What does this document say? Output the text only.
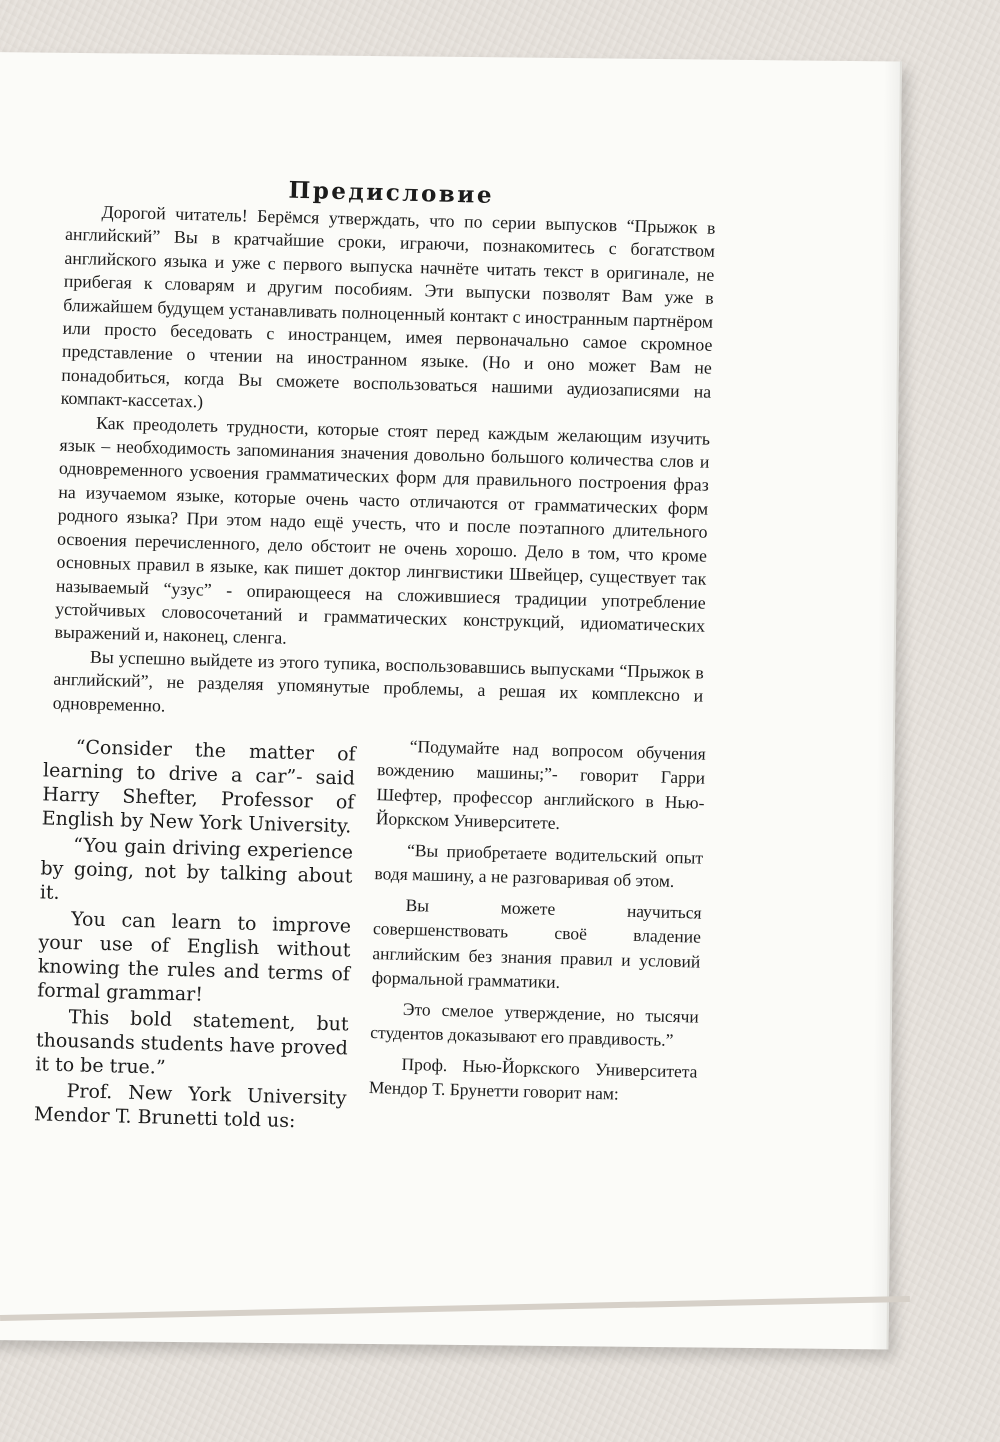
Предисловие

Дорогой читатель! Берёмся утверждать, что по серии выпусков “Прыжок в английский” Вы в кратчайшие сроки, играючи, познакомитесь с богатством английского языка и уже с первого выпуска начнёте читать текст в оригинале, не прибегая к словарям и другим пособиям. Эти выпуски позволят Вам уже в ближайшем будущем устанавливать полноценный контакт с иностранным партнёром или просто беседовать с иностранцем, имея первоначально самое скромное представление о чтении на иностранном языке. (Но и оно может Вам не понадобиться, когда Вы сможете воспользоваться нашими аудиозаписями на компакт-кассетах.)

Как преодолеть трудности, которые стоят перед каждым желающим изучить язык – необходимость запоминания значения довольно большого количества слов и одновременного усвоения грамматических форм для правильного построения фраз на изучаемом языке, которые очень часто отличаются от грамматических форм родного языка? При этом надо ещё учесть, что и после поэтапного длительного освоения перечисленного, дело обстоит не очень хорошо. Дело в том, что кроме основных правил в языке, как пишет доктор лингвистики Швейцер, существует так называемый “узус” - опирающееся на сложившиеся традиции употребление устойчивых словосочетаний и грамматических конструкций, идиоматических выражений и, наконец, сленга.

Вы успешно выйдете из этого тупика, воспользовавшись выпусками “Прыжок в английский”, не разделяя упомянутые проблемы, а решая их комплексно и одновременно.

“Consider the matter of learning to drive a car”- said Harry Shefter, Professor of English by New York University.

“You gain driving experience by going, not by talking about it.

You can learn to improve your use of English without knowing the rules and terms of formal grammar!

This bold statement, but thousands students have proved it to be true.”

Prof. New York University Mendor T. Brunetti told us:

“Подумайте над вопросом обучения вождению машины;”- говорит Гарри Шефтер, профессор английского в Нью-Йоркском Университете.

“Вы приобретаете водительский опыт водя машину, а не разговаривая об этом.

Вы можете научиться совершенствовать своё владение английским без знания правил и условий формальной грамматики.

Это смелое утверждение, но тысячи студентов доказывают его правдивость.”

Проф. Нью-Йоркского Университета Мендор Т. Брунетти говорит нам:
